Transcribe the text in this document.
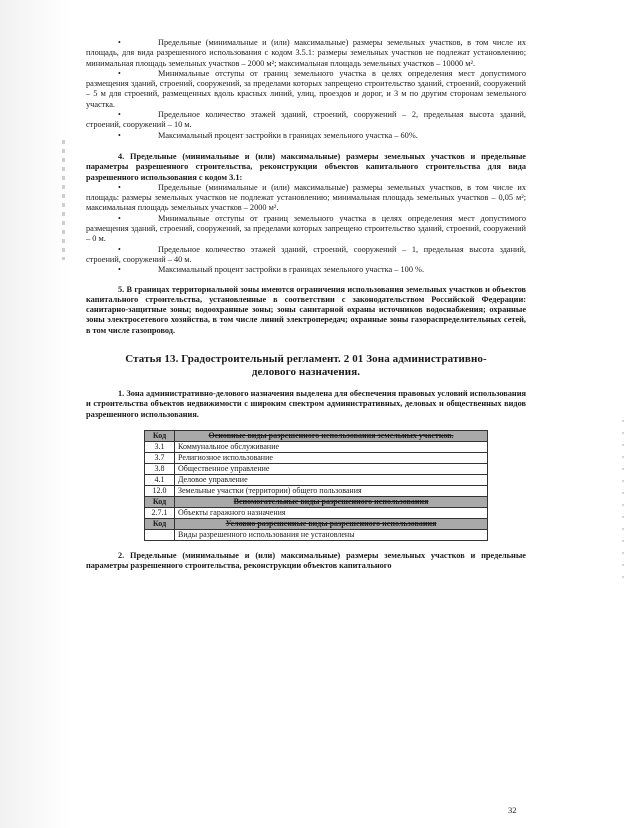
•	Предельные (минимальные и (или) максимальные) размеры земельных участков, в том числе их площадь, для вида разрешенного использования с кодом 3.5.1: размеры земельных участков не подлежат установлению; минимальная площадь земельных участков – 2000 м²; максимальная площадь земельных участков – 10000 м².

•	Минимальные отступы от границ земельного участка в целях определения мест допустимого размещения зданий, строений, сооружений, за пределами которых запрещено строительство зданий, строений, сооружений – 5 м для строений, размещенных вдоль красных линий, улиц, проездов и дорог, и 3 м по другим сторонам земельного участка.

•	Предельное количество этажей зданий, строений, сооружений – 2, предельная высота зданий, строений, сооружений – 10 м.

•	Максимальный процент застройки в границах земельного участка – 60%.

4. Предельные (минимальные и (или) максимальные) размеры земельных участков и предельные параметры разрешенного строительства, реконструкции объектов капитального строительства для вида разрешенного использования с кодом 3.1:

•	Предельные (минимальные и (или) максимальные) размеры земельных участков, в том числе их площадь: размеры земельных участков не подлежат установлению; минимальная площадь земельных участков – 0,05 м²; максимальная площадь земельных участков – 2000 м².

•	Минимальные отступы от границ земельного участка в целях определения мест допустимого размещения зданий, строений, сооружений, за пределами которых запрещено строительство зданий, строений, сооружений – 0 м.

•	Предельное количество этажей зданий, строений, сооружений – 1, предельная высота зданий, строений, сооружений – 40 м.

•	Максимальный процент застройки в границах земельного участка – 100 %.

5. В границах территориальной зоны имеются ограничения использования земельных участков и объектов капитального строительства, установленные в соответствии с законодательством Российской Федерации: санитарно-защитные зоны; водоохранные зоны; зоны санитарной охраны источников водоснабжения; охранные зоны электросетевого хозяйства, в том числе линий электропередач; охранные зоны газораспределительных сетей, в том числе газопровод.

Статья 13. Градостроительный регламент. 2 01 Зона административно-
делового назначения.

1. Зона административно-делового назначения выделена для обеспечения правовых условий использования и строительства объектов недвижимости с широким спектром административных, деловых и общественных видов разрешенного использования.

Код	Основные виды разрешенного использования земельных участков.
3.1	Коммунальное обслуживание
3.7	Религиозное использование
3.8	Общественное управление
4.1	Деловое управление
12.0	Земельные участки (территории) общего пользования
Код	Вспомогательные виды разрешенного использования
2.7.1	Объекты гаражного назначения
Код	Условно разрешенные виды разрешенного использования
	Виды разрешенного использования не установлены

2. Предельные (минимальные и (или) максимальные) размеры земельных участков и предельные параметры разрешенного строительства, реконструкции объектов капитального

32
